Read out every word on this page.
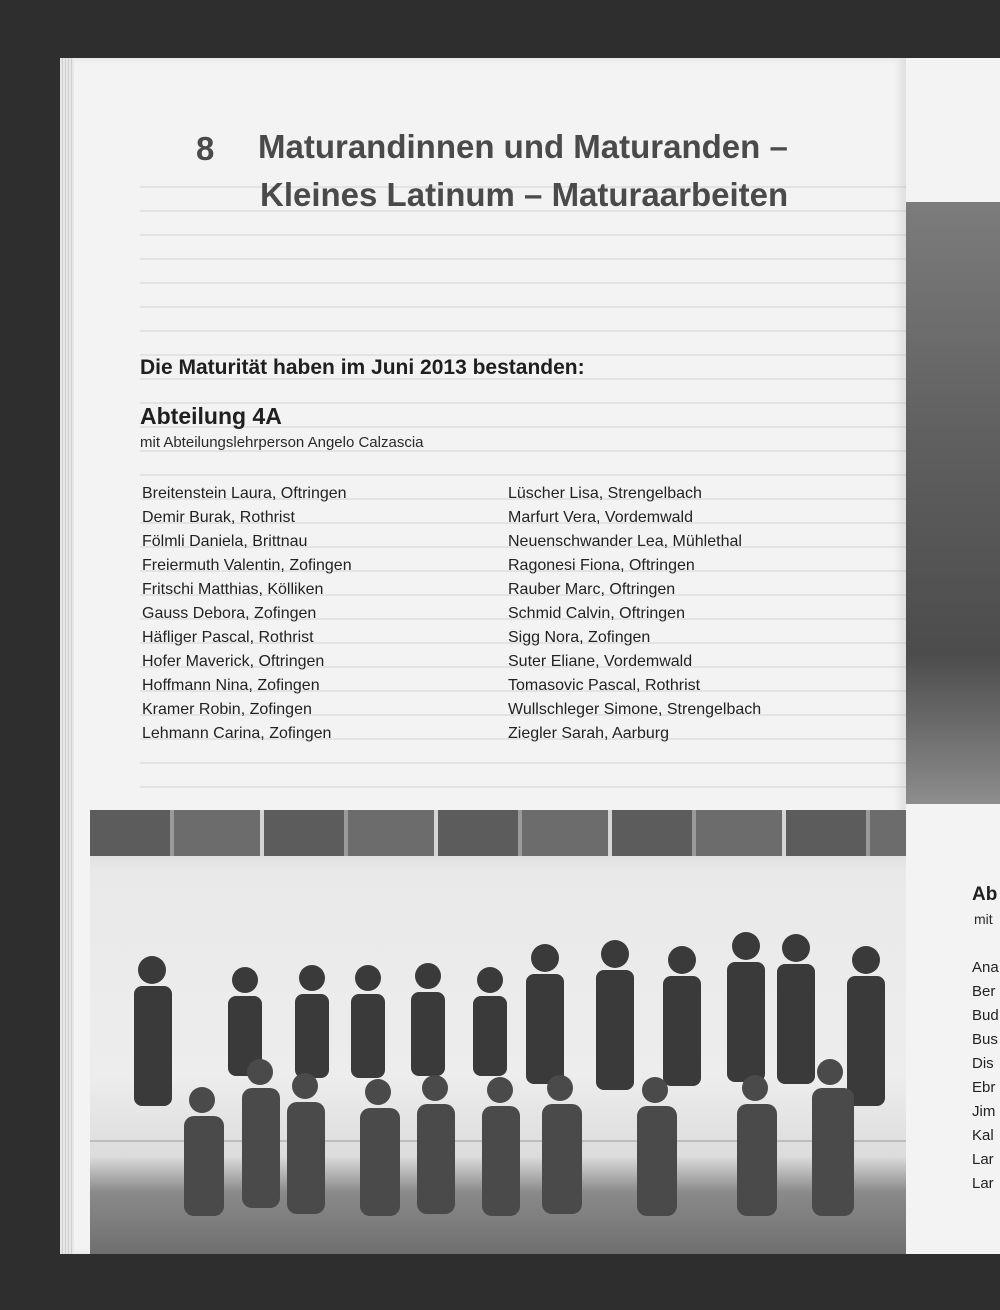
8 Maturandinnen und Maturanden –
Kleines Latinum – Maturaarbeiten
Die Maturität haben im Juni 2013 bestanden:
Abteilung 4A
mit Abteilungslehrperson Angelo Calzascia
Breitenstein Laura, Oftringen
Demir Burak, Rothrist
Fölmli Daniela, Brittnau
Freiermuth Valentin, Zofingen
Fritschi Matthias, Kölliken
Gauss Debora, Zofingen
Häfliger Pascal, Rothrist
Hofer Maverick, Oftringen
Hoffmann Nina, Zofingen
Kramer Robin, Zofingen
Lehmann Carina, Zofingen
Lüscher Lisa, Strengelbach
Marfurt Vera, Vordemwald
Neuenschwander Lea, Mühlethal
Ragonesi Fiona, Oftringen
Rauber Marc, Oftringen
Schmid Calvin, Oftringen
Sigg Nora, Zofingen
Suter Eliane, Vordemwald
Tomasovic Pascal, Rothrist
Wullschleger Simone, Strengelbach
Ziegler Sarah, Aarburg
Ab
mit
Ana
Ber
Bud
Bus
Dis
Ebr
Jim
Kal
Lar
Lar
